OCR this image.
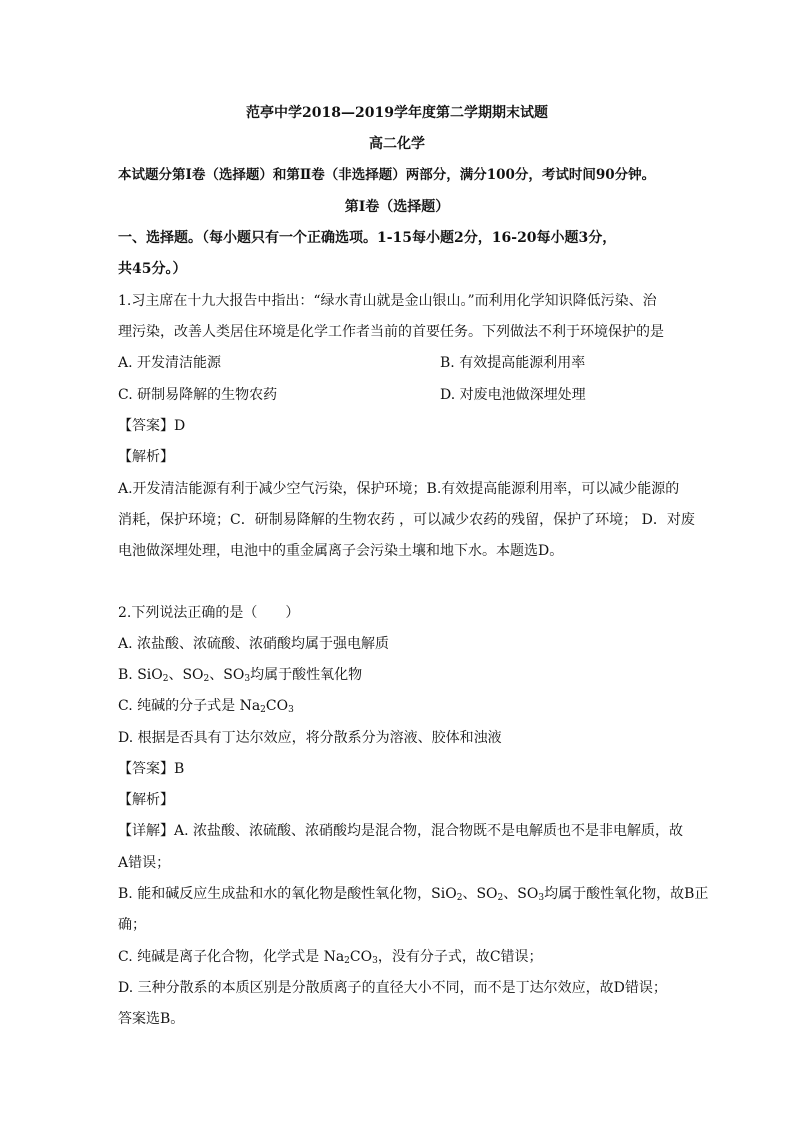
范亭中学2018—2019学年度第二学期期末试题
高二化学
本试题分第Ⅰ卷（选择题）和第Ⅱ卷（非选择题）两部分，满分100分，考试时间90分钟。
第Ⅰ卷（选择题）
一、选择题。（每小题只有一个正确选项。1-15每小题2分，16-20每小题3分，
共45分。）
1.习主席在十九大报告中指出：“绿水青山就是金山银山。”而利用化学知识降低污染、治
理污染，改善人类居住环境是化学工作者当前的首要任务。下列做法不利于环境保护的是
A. 开发清洁能源	B. 有效提高能源利用率
C. 研制易降解的生物农药	D. 对废电池做深埋处理
【答案】D
【解析】
A.开发清洁能源有利于减少空气污染，保护环境；B.有效提高能源利用率，可以减少能源的
消耗，保护环境；C．研制易降解的生物农药 ，可以减少农药的残留，保护了环境； D．对废
电池做深埋处理，电池中的重金属离子会污染土壤和地下水。本题选D。
2.下列说法正确的是（　　）
A. 浓盐酸、浓硫酸、浓硝酸均属于强电解质
B. SiO$_2$、$SO_2$、$SO_3$均属于酸性氧化物
C. 纯碱的分子式是 $Na_2CO_3$
D. 根据是否具有丁达尔效应，将分散系分为溶液、胶体和浊液
【答案】B
【解析】
【详解】A. 浓盐酸、浓硫酸、浓硝酸均是混合物，混合物既不是电解质也不是非电解质，故
A错误；
B. 能和碱反应生成盐和水的氧化物是酸性氧化物，SiO$_2$、$SO_2$、$SO_3$均属于酸性氧化物，故B正
确；
C. 纯碱是离子化合物，化学式是 $Na_2CO_3$，没有分子式，故C错误；
D. 三种分散系的本质区别是分散质离子的直径大小不同，而不是丁达尔效应，故D错误；
答案选B。
